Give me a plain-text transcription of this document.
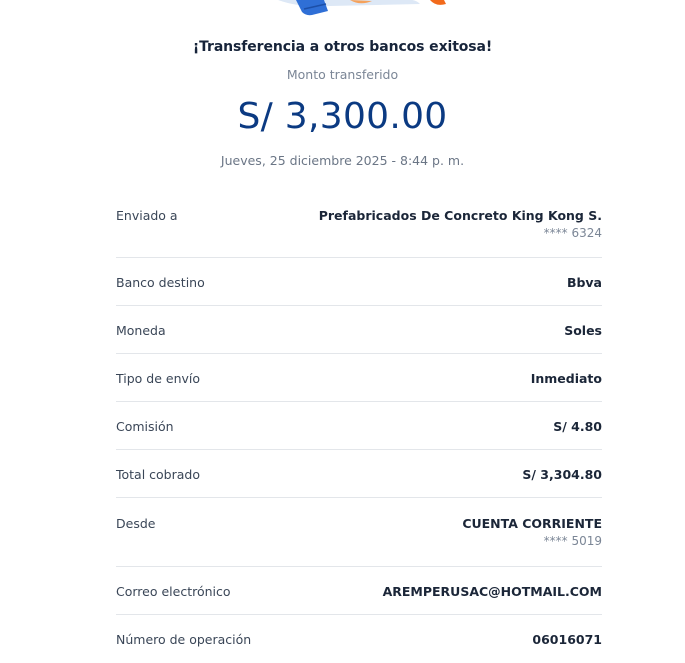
¡Transferencia a otros bancos exitosa!
Monto transferido
S/ 3,300.00
Jueves, 25 diciembre 2025 - 8:44 p. m.
Enviado a	Prefabricados De Concreto King Kong S.
**** 6324
Banco destino	Bbva
Moneda	Soles
Tipo de envío	Inmediato
Comisión	S/ 4.80
Total cobrado	S/ 3,304.80
Desde	CUENTA CORRIENTE
**** 5019
Correo electrónico	AREMPERUSAC@HOTMAIL.COM
Número de operación	06016071
